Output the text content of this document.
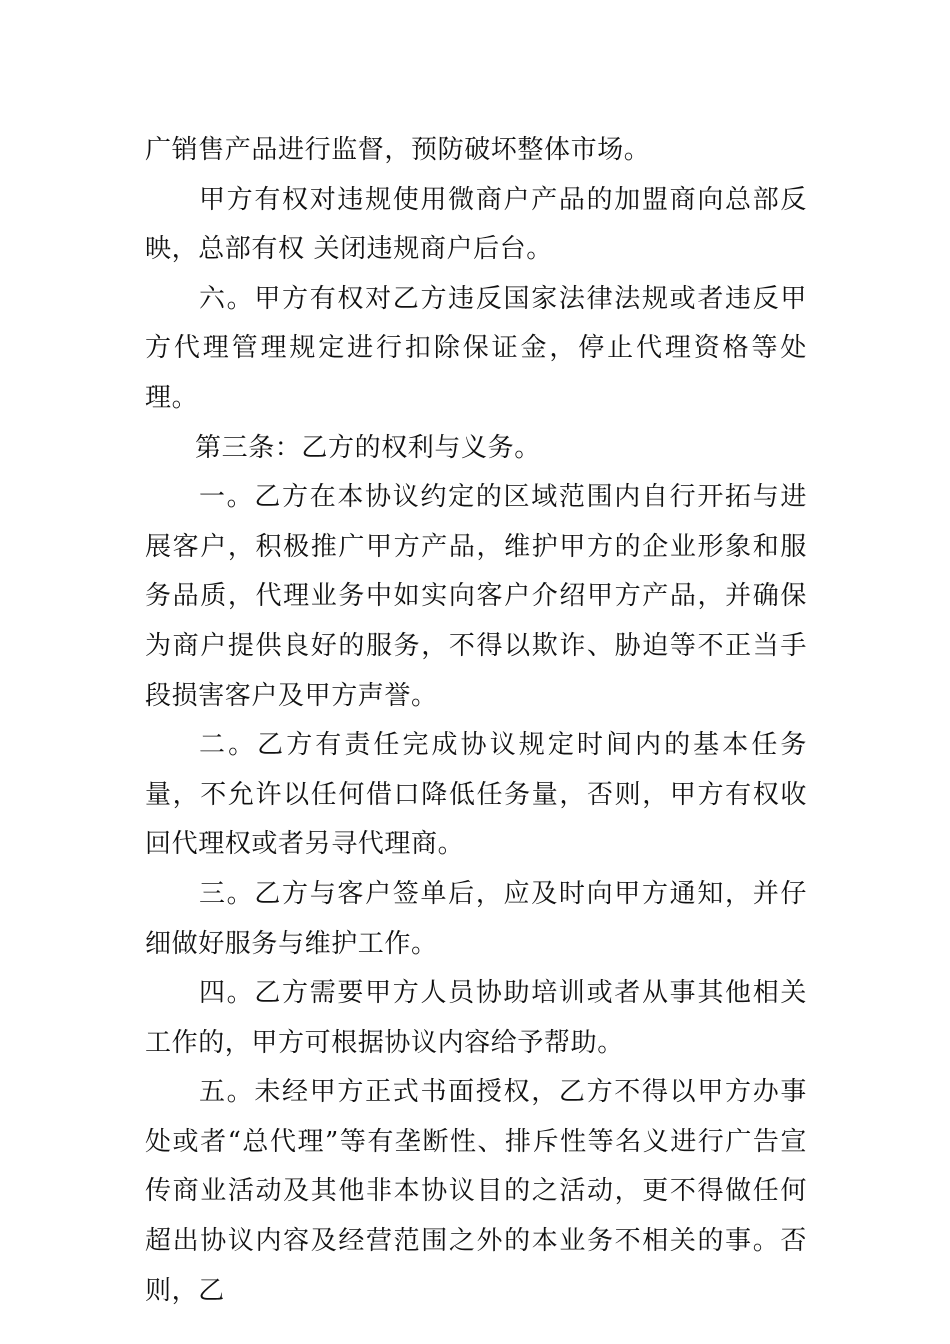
广销售产品进行监督，预防破坏整体市场。

甲方有权对违规使用微商户产品的加盟商向总部反映，总部有权 关闭违规商户后台。

六。甲方有权对乙方违反国家法律法规或者违反甲方代理管理规定进行扣除保证金，停止代理资格等处理。

第三条：乙方的权利与义务。

一。乙方在本协议约定的区域范围内自行开拓与进展客户，积极推广甲方产品，维护甲方的企业形象和服务品质，代理业务中如实向客户介绍甲方产品，并确保为商户提供良好的服务，不得以欺诈、胁迫等不正当手段损害客户及甲方声誉。

二。乙方有责任完成协议规定时间内的基本任务量，不允许以任何借口降低任务量，否则，甲方有权收回代理权或者另寻代理商。

三。乙方与客户签单后，应及时向甲方通知，并仔细做好服务与维护工作。

四。乙方需要甲方人员协助培训或者从事其他相关工作的，甲方可根据协议内容给予帮助。

五。未经甲方正式书面授权，乙方不得以甲方办事处或者“总代理”等有垄断性、排斥性等名义进行广告宣传商业活动及其他非本协议目的之活动，更不得做任何超出协议内容及经营范围之外的本业务不相关的事。否则，乙
